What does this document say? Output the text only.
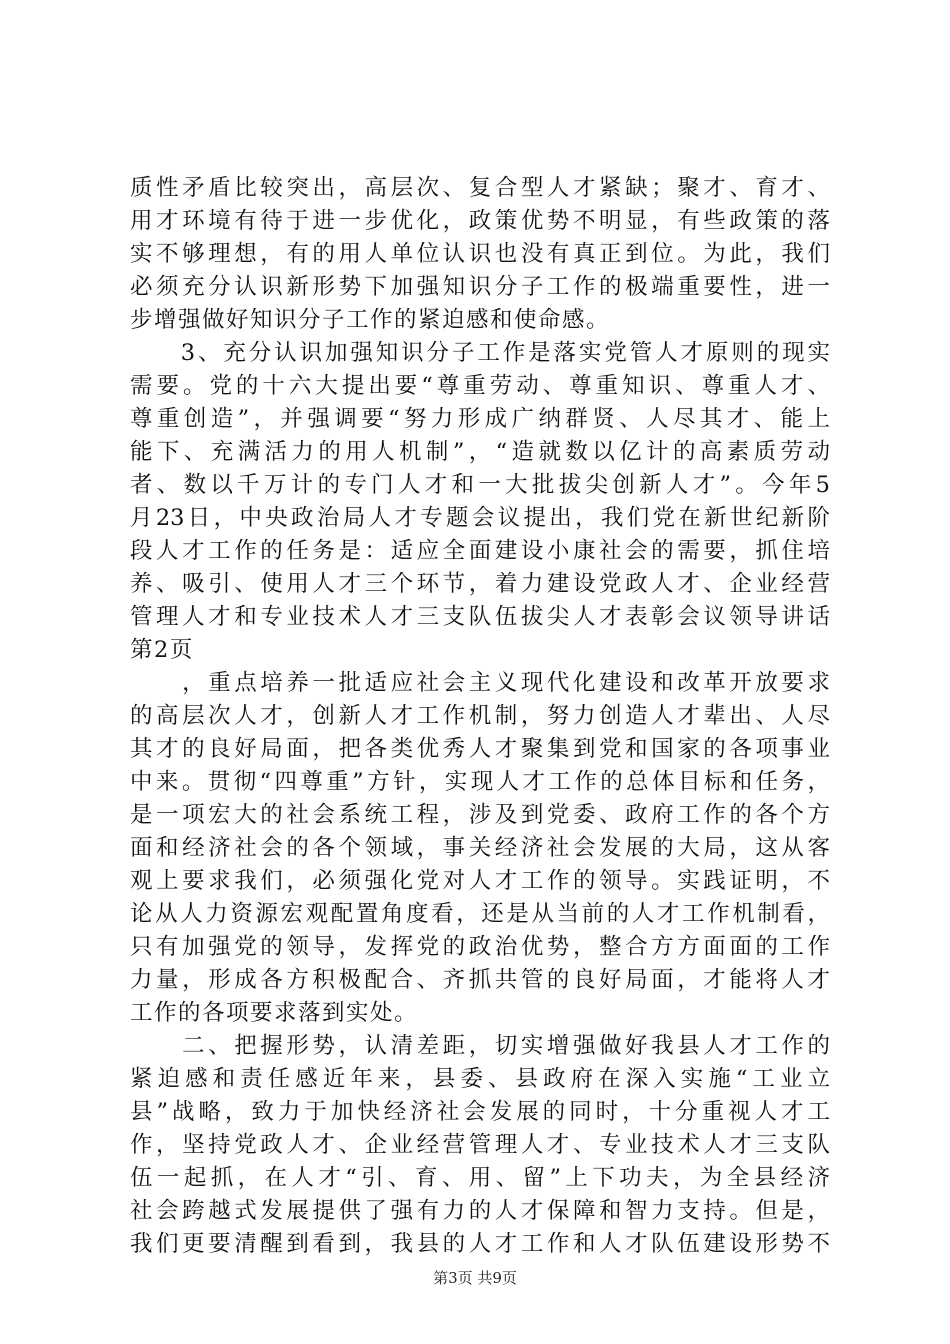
质性矛盾比较突出，高层次、复合型人才紧缺；聚才、育才、
用才环境有待于进一步优化，政策优势不明显，有些政策的落
实不够理想，有的用人单位认识也没有真正到位。为此，我们
必须充分认识新形势下加强知识分子工作的极端重要性，进一
步增强做好知识分子工作的紧迫感和使命感。
　　3、充分认识加强知识分子工作是落实党管人才原则的现实
需要。党的十六大提出要“尊重劳动、尊重知识、尊重人才、
尊重创造”，并强调要“努力形成广纳群贤、人尽其才、能上
能下、充满活力的用人机制”，“造就数以亿计的高素质劳动
者、数以千万计的专门人才和一大批拔尖创新人才”。今年5
月23日，中央政治局人才专题会议提出，我们党在新世纪新阶
段人才工作的任务是：适应全面建设小康社会的需要，抓住培
养、吸引、使用人才三个环节，着力建设党政人才、企业经营
管理人才和专业技术人才三支队伍拔尖人才表彰会议领导讲话
第2页
　　，重点培养一批适应社会主义现代化建设和改革开放要求
的高层次人才，创新人才工作机制，努力创造人才辈出、人尽
其才的良好局面，把各类优秀人才聚集到党和国家的各项事业
中来。贯彻“四尊重”方针，实现人才工作的总体目标和任务，
是一项宏大的社会系统工程，涉及到党委、政府工作的各个方
面和经济社会的各个领域，事关经济社会发展的大局，这从客
观上要求我们，必须强化党对人才工作的领导。实践证明，不
论从人力资源宏观配置角度看，还是从当前的人才工作机制看，
只有加强党的领导，发挥党的政治优势，整合方方面面的工作
力量，形成各方积极配合、齐抓共管的良好局面，才能将人才
工作的各项要求落到实处。
　　二、把握形势，认清差距，切实增强做好我县人才工作的
紧迫感和责任感近年来，县委、县政府在深入实施“工业立
县”战略，致力于加快经济社会发展的同时，十分重视人才工
作，坚持党政人才、企业经营管理人才、专业技术人才三支队
伍一起抓，在人才“引、育、用、留”上下功夫，为全县经济
社会跨越式发展提供了强有力的人才保障和智力支持。但是，
我们更要清醒到看到，我县的人才工作和人才队伍建设形势不
第3页 共9页
